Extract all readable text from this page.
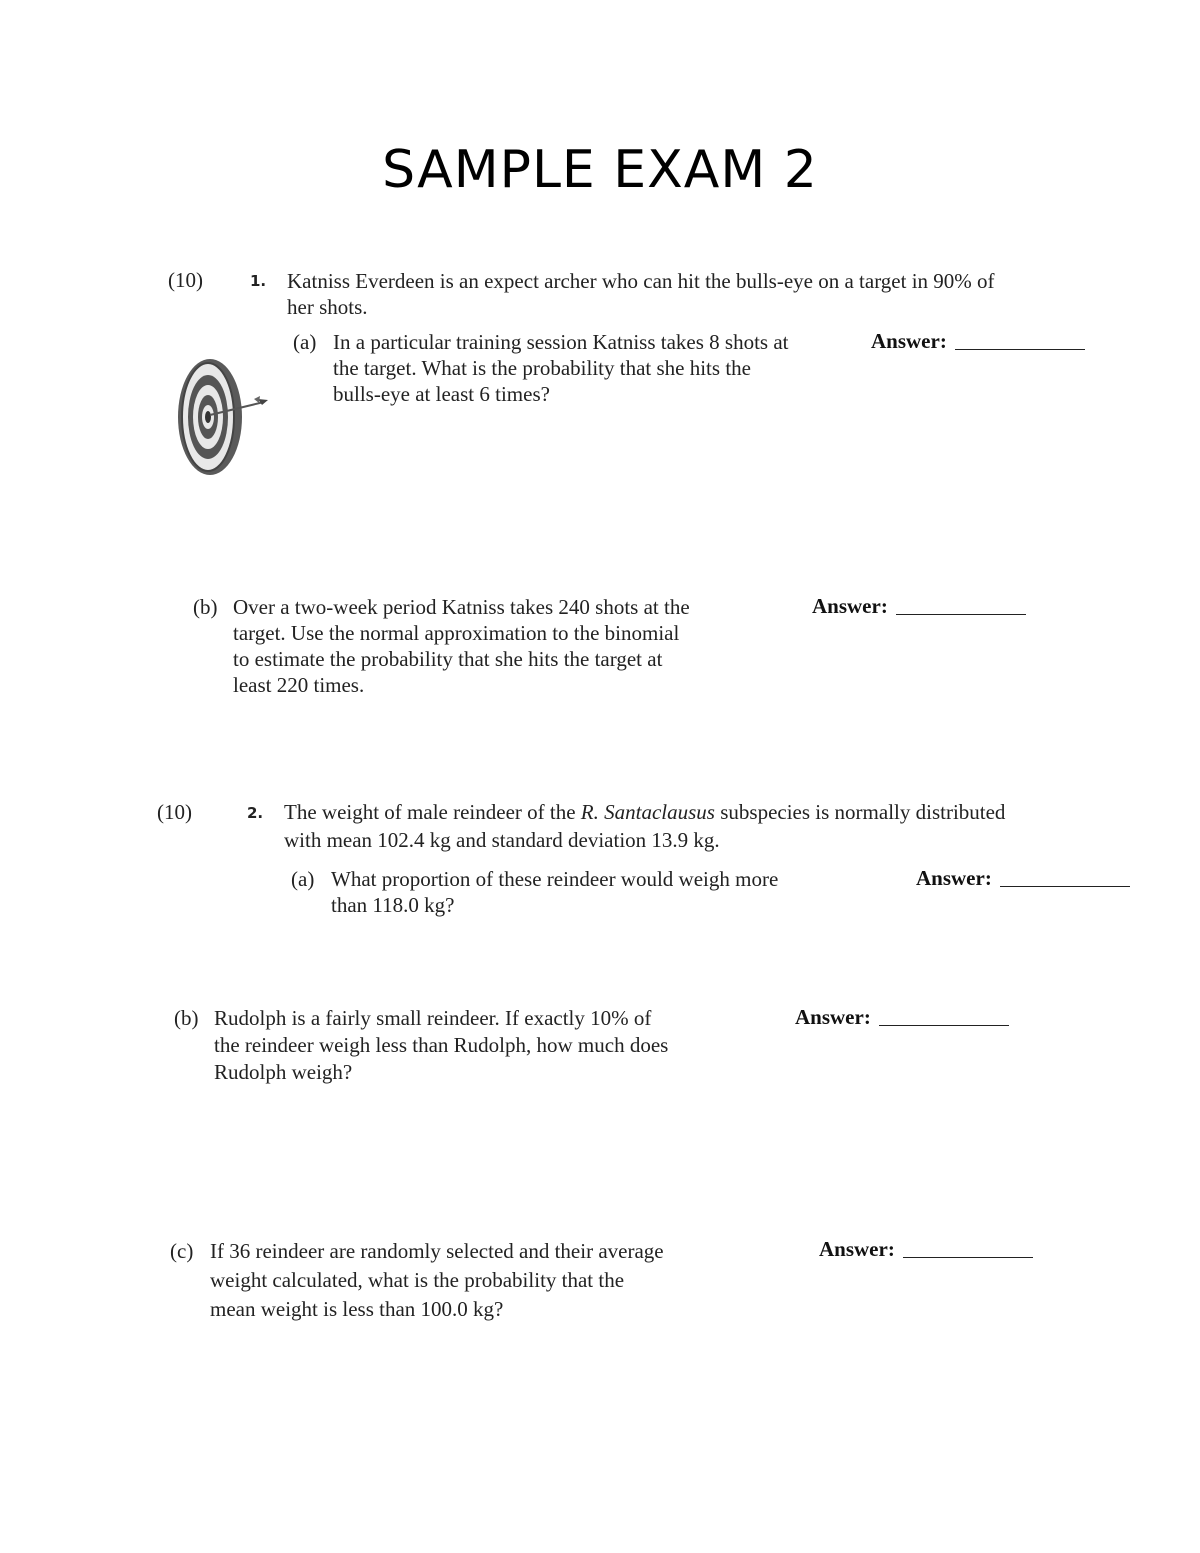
SAMPLE EXAM 2
(10)	1. Katniss Everdeen is an expect archer who can hit the bulls-eye on a target in 90% of
her shots.
(a) In a particular training session Katniss takes 8 shots at
the target. What is the probability that she hits the
bulls-eye at least 6 times?
Answer:
(b) Over a two-week period Katniss takes 240 shots at the
target. Use the normal approximation to the binomial
to estimate the probability that she hits the target at
least 220 times.
Answer:
(10)	2. The weight of male reindeer of the R. Santaclausus subspecies is normally distributed
with mean 102.4 kg and standard deviation 13.9 kg.
(a) What proportion of these reindeer would weigh more
than 118.0 kg?
Answer:
(b) Rudolph is a fairly small reindeer. If exactly 10% of
the reindeer weigh less than Rudolph, how much does
Rudolph weigh?
Answer:
(c) If 36 reindeer are randomly selected and their average
weight calculated, what is the probability that the
mean weight is less than 100.0 kg?
Answer:
